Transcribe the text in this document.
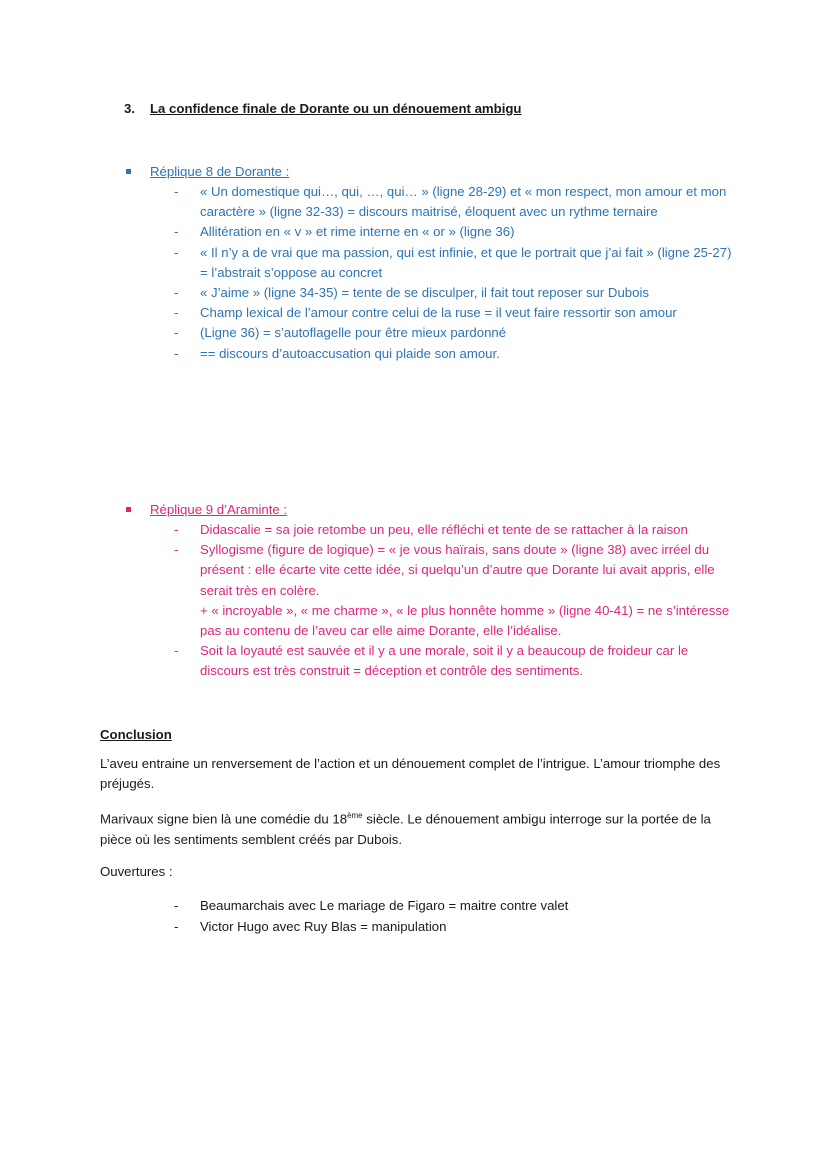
3. La confidence finale de Dorante ou un dénouement ambigu
Réplique 8 de Dorante :
- « Un domestique qui…, qui, …, qui… » (ligne 28-29) et « mon respect, mon amour et mon caractère » (ligne 32-33) = discours maitrisé, éloquent avec un rythme ternaire
- Allitération en « v » et rime interne en « or » (ligne 36)
- « Il n’y a de vrai que ma passion, qui est infinie, et que le portrait que j’ai fait » (ligne 25-27) = l’abstrait s’oppose au concret
- « J’aime » (ligne 34-35) = tente de se disculper, il fait tout reposer sur Dubois
- Champ lexical de l’amour contre celui de la ruse = il veut faire ressortir son amour
- (Ligne 36) = s’autoflagelle pour être mieux pardonné
- == discours d’autoaccusation qui plaide son amour.
Réplique 9 d’Araminte :
- Didascalie = sa joie retombe un peu, elle réfléchi et tente de se rattacher à la raison
- Syllogisme (figure de logique) = « je vous haïrais, sans doute » (ligne 38) avec irréel du présent : elle écarte vite cette idée, si quelqu’un d’autre que Dorante lui avait appris, elle serait très en colère.
+ « incroyable », « me charme », « le plus honnête homme » (ligne 40-41) = ne s’intéresse pas au contenu de l’aveu car elle aime Dorante, elle l’idéalise.
- Soit la loyauté est sauvée et il y a une morale, soit il y a beaucoup de froideur car le discours est très construit = déception et contrôle des sentiments.
Conclusion

L’aveu entraine un renversement de l’action et un dénouement complet de l’intrigue. L’amour triomphe des préjugés.

Marivaux signe bien là une comédie du 18ème siècle. Le dénouement ambigu interroge sur la portée de la pièce où les sentiments semblent créés par Dubois.

Ouvertures :

- Beaumarchais avec Le mariage de Figaro = maitre contre valet
- Victor Hugo avec Ruy Blas = manipulation
